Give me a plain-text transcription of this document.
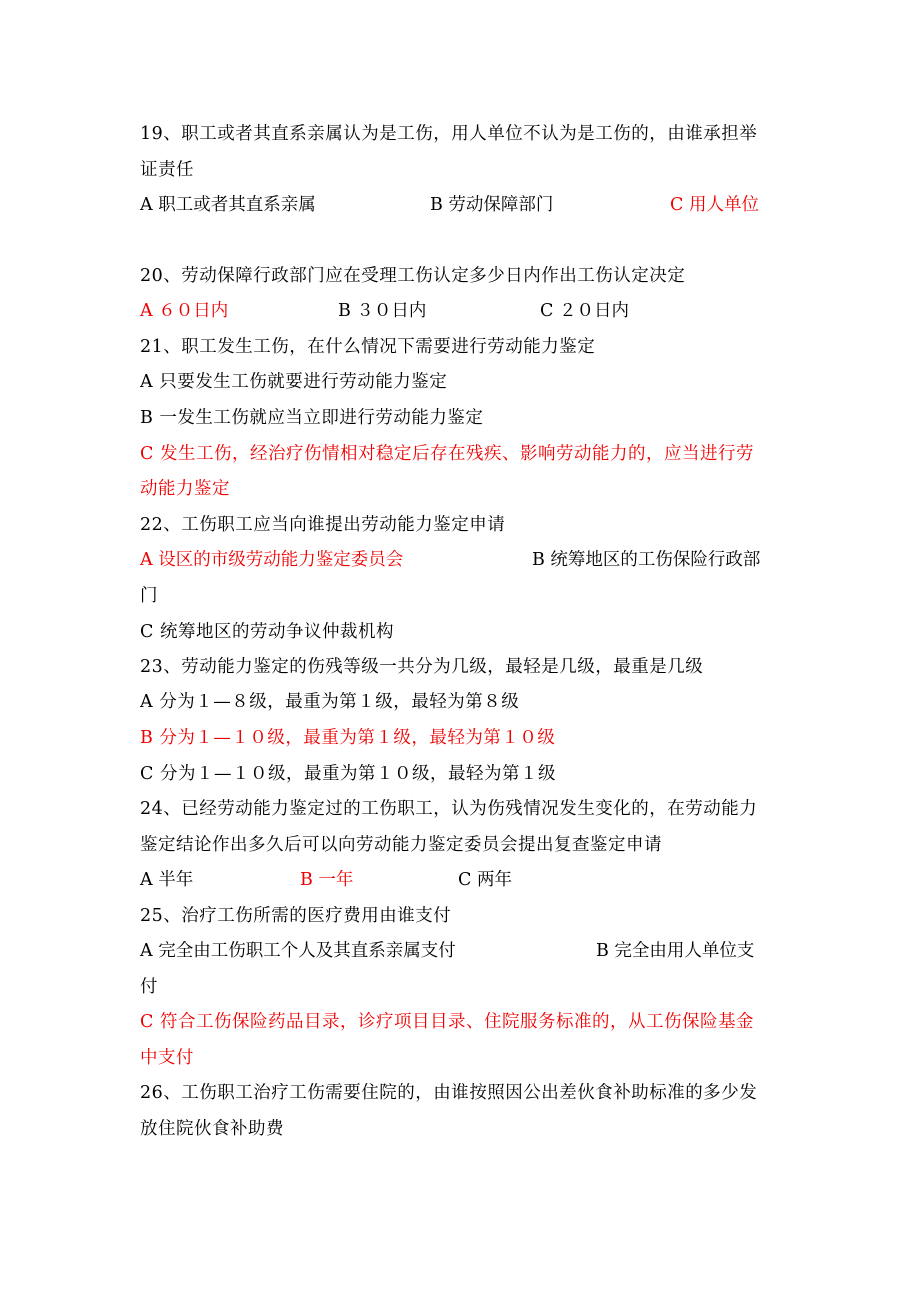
19、职工或者其直系亲属认为是工伤，用人单位不认为是工伤的，由谁承担举
证责任
A 职工或者其直系亲属	B 劳动保障部门	C 用人单位
20、劳动保障行政部门应在受理工伤认定多少日内作出工伤认定决定
A ６０日内	B ３０日内	C ２０日内
21、职工发生工伤，在什么情况下需要进行劳动能力鉴定
A 只要发生工伤就要进行劳动能力鉴定
B 一发生工伤就应当立即进行劳动能力鉴定
C 发生工伤，经治疗伤情相对稳定后存在残疾、影响劳动能力的，应当进行劳
动能力鉴定
22、工伤职工应当向谁提出劳动能力鉴定申请
A 设区的市级劳动能力鉴定委员会	B 统筹地区的工伤保险行政部
门
C 统筹地区的劳动争议仲裁机构
23、劳动能力鉴定的伤残等级一共分为几级，最轻是几级，最重是几级
A 分为１—８级，最重为第１级，最轻为第８级
B 分为１—１０级，最重为第１级，最轻为第１０级
C 分为１—１０级，最重为第１０级，最轻为第１级
24、已经劳动能力鉴定过的工伤职工，认为伤残情况发生变化的，在劳动能力
鉴定结论作出多久后可以向劳动能力鉴定委员会提出复查鉴定申请
A 半年	B 一年	C 两年
25、治疗工伤所需的医疗费用由谁支付
A 完全由工伤职工个人及其直系亲属支付	B 完全由用人单位支
付
C 符合工伤保险药品目录，诊疗项目目录、住院服务标准的，从工伤保险基金
中支付
26、工伤职工治疗工伤需要住院的，由谁按照因公出差伙食补助标准的多少发
放住院伙食补助费
